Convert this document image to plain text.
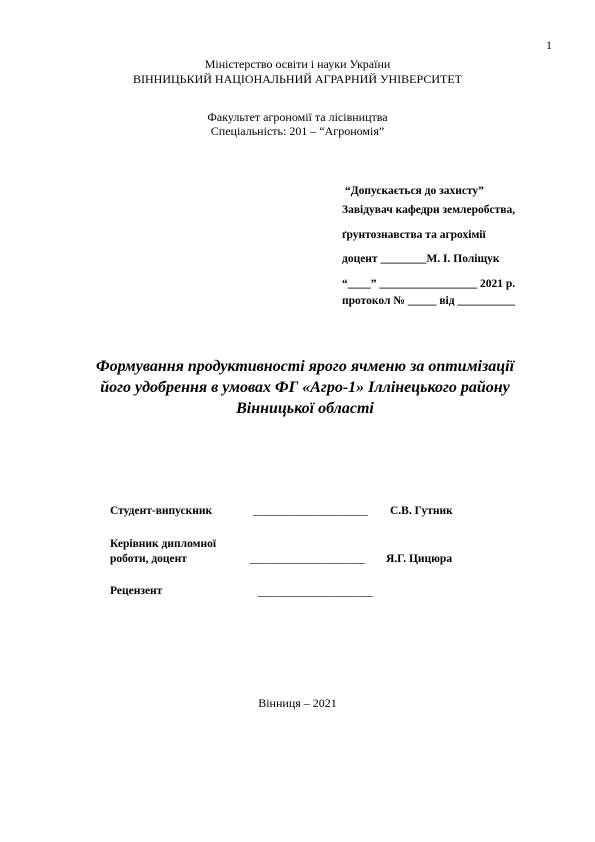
1
Міністерство освіти і науки України
ВІННИЦЬКИЙ НАЦІОНАЛЬНИЙ АГРАРНИЙ УНІВЕРСИТЕТ
Факультет агрономії та лісівництва
Спеціальність: 201 – “Агрономія”
“Допускається до захисту”
Завідувач кафедри землеробства,
ґрунтознавства та агрохімії
доцент ________М. І. Поліщук
“____” _________________ 2021 р.
протокол № _____ від __________
Формування продуктивності ярого ячменю за оптимізації його удобрення в умовах ФГ «Агро-1» Іллінецького району Вінницької області
Студент-випускник	____________________ С.В. Гутник
Керівник дипломної
роботи, доцент	____________________ Я.Г. Цицюра
Рецензент	____________________
Вінниця – 2021
